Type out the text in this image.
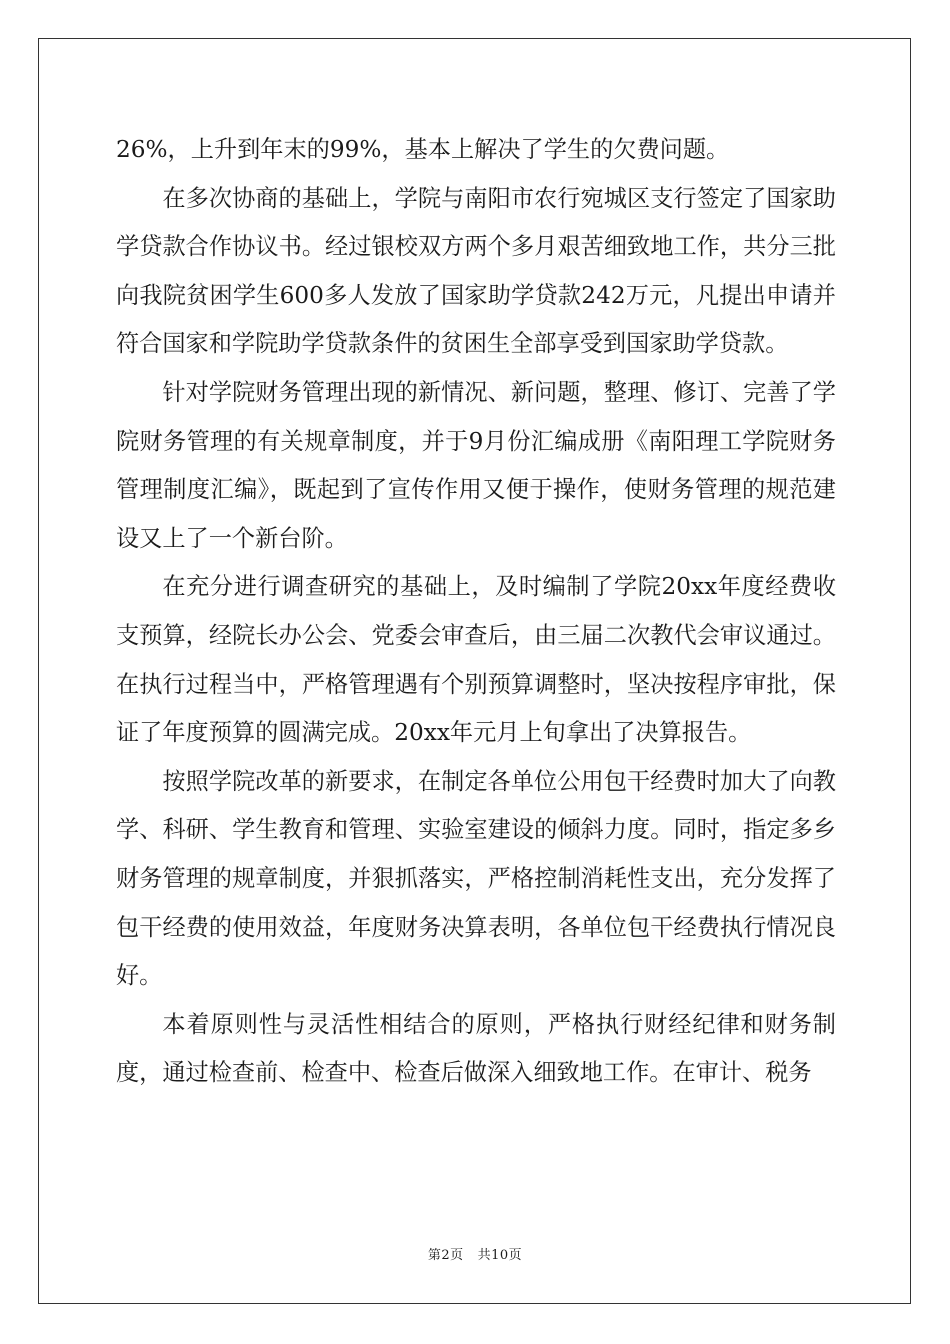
26%，上升到年末的99%，基本上解决了学生的欠费问题。

在多次协商的基础上，学院与南阳市农行宛城区支行签定了国家助学贷款合作协议书。经过银校双方两个多月艰苦细致地工作，共分三批向我院贫困学生600多人发放了国家助学贷款242万元，凡提出申请并符合国家和学院助学贷款条件的贫困生全部享受到国家助学贷款。

针对学院财务管理出现的新情况、新问题，整理、修订、完善了学院财务管理的有关规章制度，并于9月份汇编成册《南阳理工学院财务管理制度汇编》，既起到了宣传作用又便于操作，使财务管理的规范建设又上了一个新台阶。

在充分进行调查研究的基础上，及时编制了学院20xx年度经费收支预算，经院长办公会、党委会审查后，由三届二次教代会审议通过。在执行过程当中，严格管理遇有个别预算调整时，坚决按程序审批，保证了年度预算的圆满完成。20xx年元月上旬拿出了决算报告。

按照学院改革的新要求，在制定各单位公用包干经费时加大了向教学、科研、学生教育和管理、实验室建设的倾斜力度。同时，指定多乡财务管理的规章制度，并狠抓落实，严格控制消耗性支出，充分发挥了包干经费的使用效益，年度财务决算表明，各单位包干经费执行情况良好。

本着原则性与灵活性相结合的原则，严格执行财经纪律和财务制度，通过检查前、检查中、检查后做深入细致地工作。在审计、税务

第2页 共10页
